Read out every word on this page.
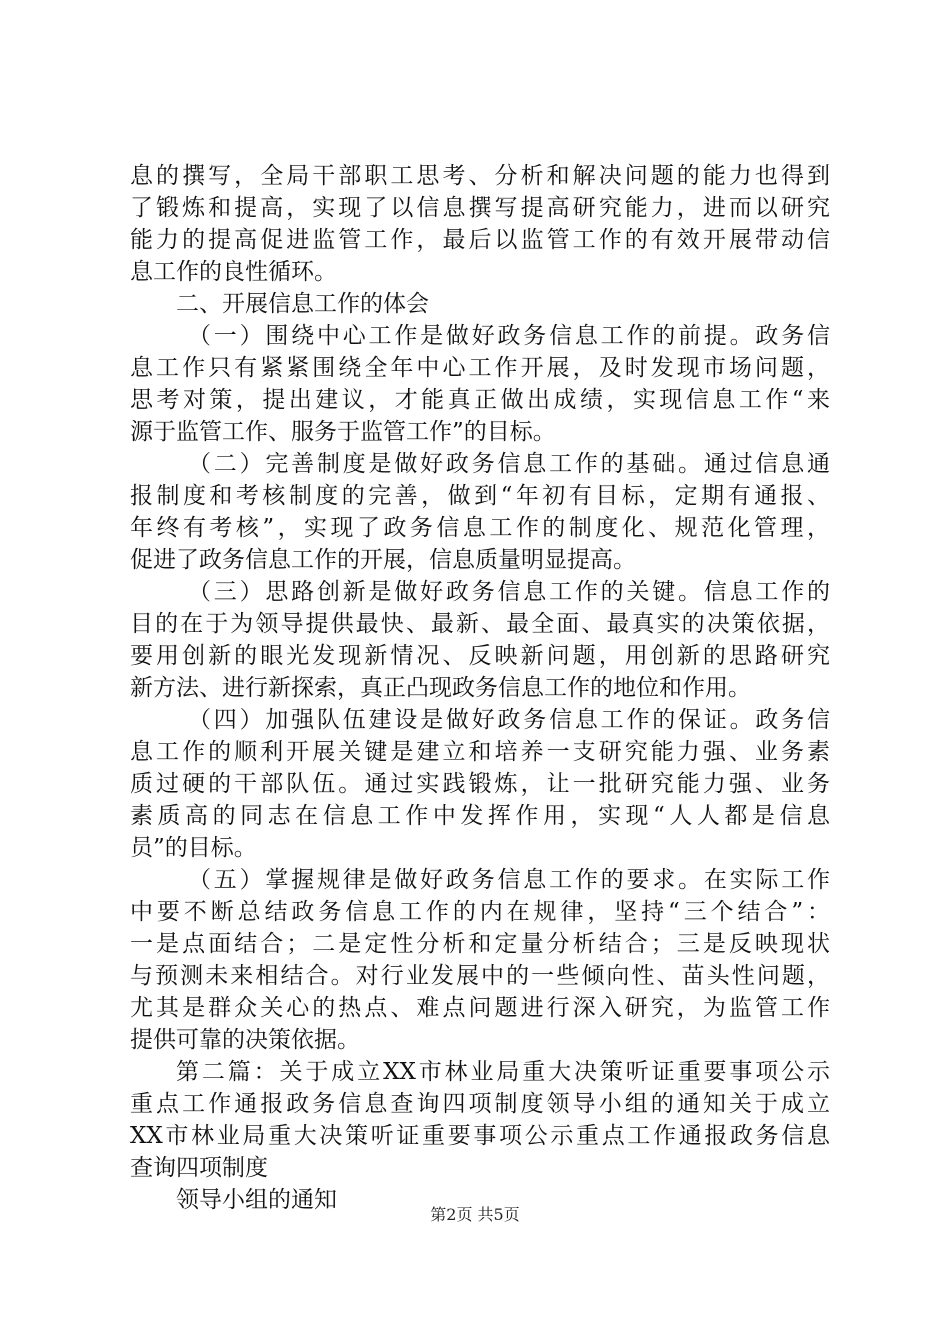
息的撰写，全局干部职工思考、分析和解决问题的能力也得到
了锻炼和提高，实现了以信息撰写提高研究能力，进而以研究
能力的提高促进监管工作，最后以监管工作的有效开展带动信
息工作的良性循环。
二、开展信息工作的体会
（一）围绕中心工作是做好政务信息工作的前提。政务信
息工作只有紧紧围绕全年中心工作开展，及时发现市场问题，
思考对策，提出建议，才能真正做出成绩，实现信息工作“来
源于监管工作、服务于监管工作”的目标。
（二）完善制度是做好政务信息工作的基础。通过信息通
报制度和考核制度的完善，做到“年初有目标，定期有通报、
年终有考核”，实现了政务信息工作的制度化、规范化管理，
促进了政务信息工作的开展，信息质量明显提高。
（三）思路创新是做好政务信息工作的关键。信息工作的
目的在于为领导提供最快、最新、最全面、最真实的决策依据，
要用创新的眼光发现新情况、反映新问题，用创新的思路研究
新方法、进行新探索，真正凸现政务信息工作的地位和作用。
（四）加强队伍建设是做好政务信息工作的保证。政务信
息工作的顺利开展关键是建立和培养一支研究能力强、业务素
质过硬的干部队伍。通过实践锻炼，让一批研究能力强、业务
素质高的同志在信息工作中发挥作用，实现“人人都是信息
员”的目标。
（五）掌握规律是做好政务信息工作的要求。在实际工作
中要不断总结政务信息工作的内在规律，坚持“三个结合”：
一是点面结合；二是定性分析和定量分析结合；三是反映现状
与预测未来相结合。对行业发展中的一些倾向性、苗头性问题，
尤其是群众关心的热点、难点问题进行深入研究，为监管工作
提供可靠的决策依据。
第二篇：关于成立XX市林业局重大决策听证重要事项公示
重点工作通报政务信息查询四项制度领导小组的通知关于成立
XX市林业局重大决策听证重要事项公示重点工作通报政务信息
查询四项制度
领导小组的通知
第2页 共5页
